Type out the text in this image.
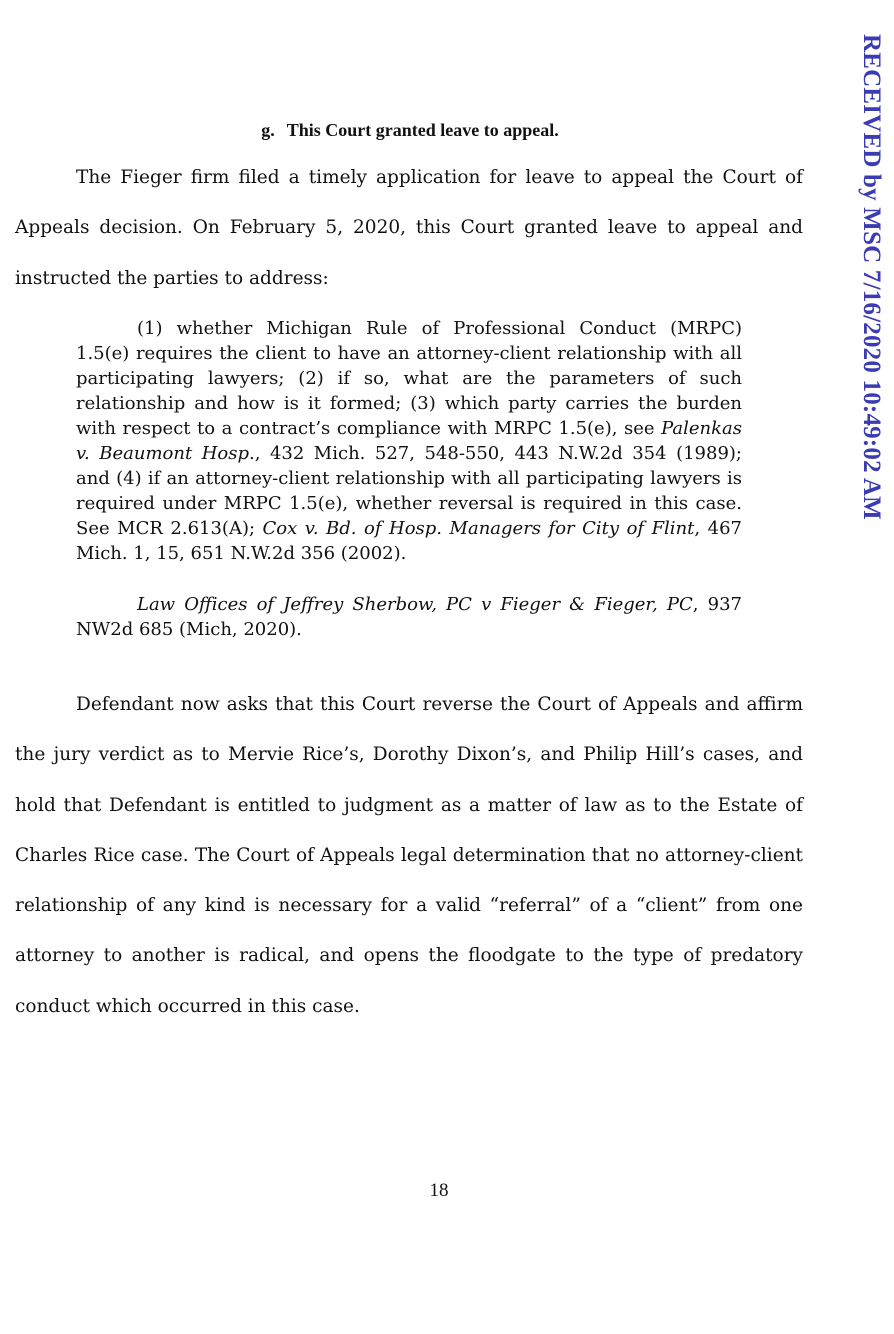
RECEIVED by MSC 7/16/2020 10:49:02 AM
g. This Court granted leave to appeal.

The Fieger firm filed a timely application for leave to appeal the Court of Appeals decision. On February 5, 2020, this Court granted leave to appeal and instructed the parties to address:

(1) whether Michigan Rule of Professional Conduct (MRPC) 1.5(e) requires the client to have an attorney-client relationship with all participating lawyers; (2) if so, what are the parameters of such relationship and how is it formed; (3) which party carries the burden with respect to a contract’s compliance with MRPC 1.5(e), see Palenkas v. Beaumont Hosp., 432 Mich. 527, 548-550, 443 N.W.2d 354 (1989); and (4) if an attorney-client relationship with all participating lawyers is required under MRPC 1.5(e), whether reversal is required in this case. See MCR 2.613(A); Cox v. Bd. of Hosp. Managers for City of Flint, 467 Mich. 1, 15, 651 N.W.2d 356 (2002).

Law Offices of Jeffrey Sherbow, PC v Fieger & Fieger, PC, 937 NW2d 685 (Mich, 2020).

Defendant now asks that this Court reverse the Court of Appeals and affirm the jury verdict as to Mervie Rice’s, Dorothy Dixon’s, and Philip Hill’s cases, and hold that Defendant is entitled to judgment as a matter of law as to the Estate of Charles Rice case. The Court of Appeals legal determination that no attorney-client relationship of any kind is necessary for a valid “referral” of a “client” from one attorney to another is radical, and opens the floodgate to the type of predatory conduct which occurred in this case.

18
